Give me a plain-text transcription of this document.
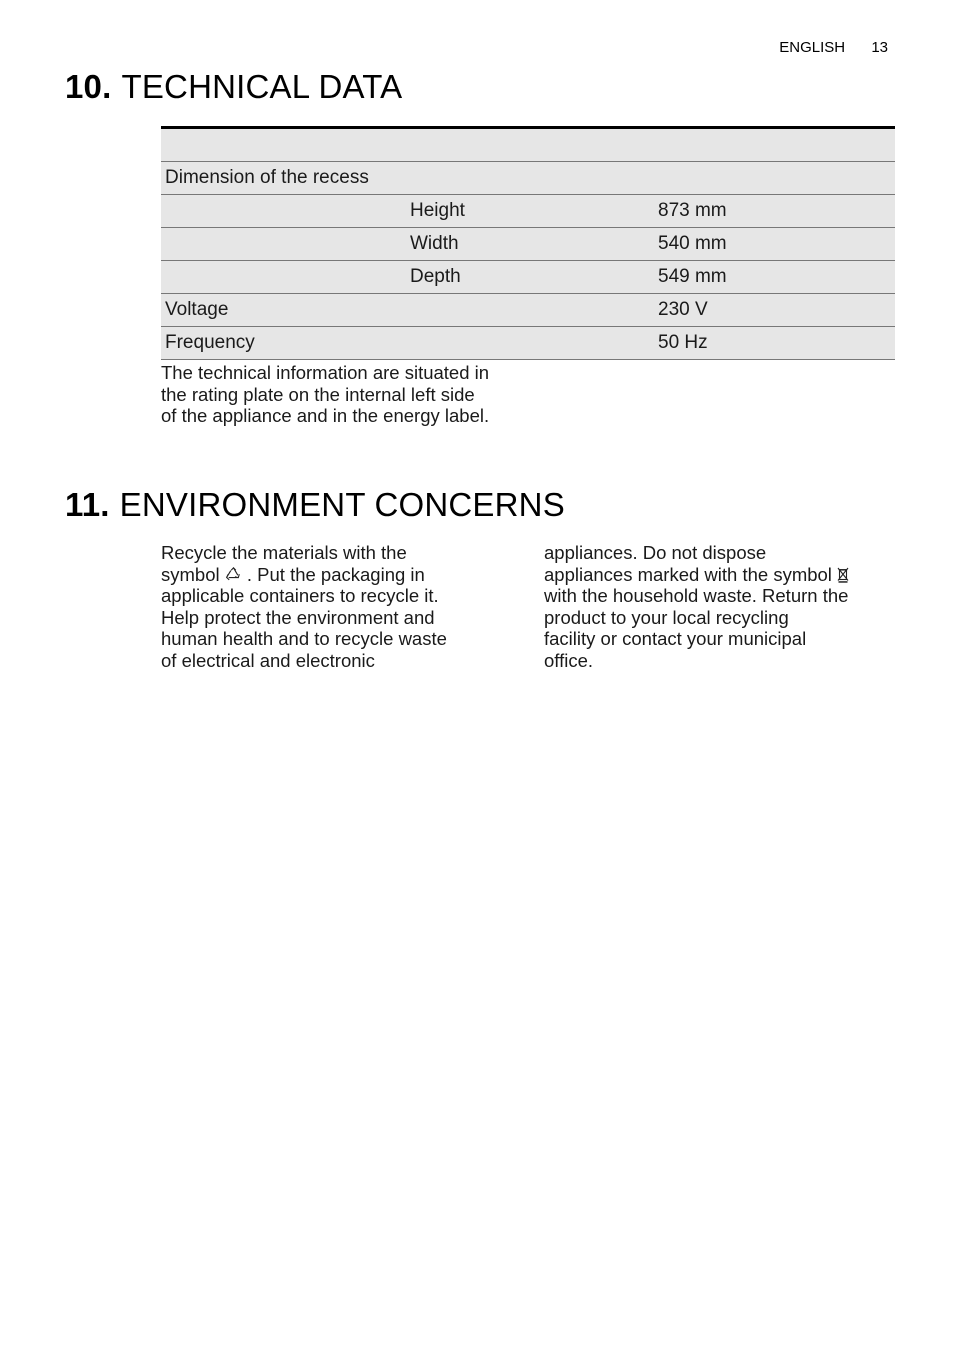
ENGLISH 13
10. TECHNICAL DATA

Dimension of the recess		
	Height	873 mm
	Width	540 mm
	Depth	549 mm
Voltage		230 V
Frequency		50 Hz
The technical information are situated in
the rating plate on the internal left side
of the appliance and in the energy label.
11. ENVIRONMENT CONCERNS
Recycle the materials with the
symbol . Put the packaging in
applicable containers to recycle it.
Help protect the environment and
human health and to recycle waste
of electrical and electronic
appliances. Do not dispose
appliances marked with the symbol
with the household waste. Return the
product to your local recycling
facility or contact your municipal
office.
